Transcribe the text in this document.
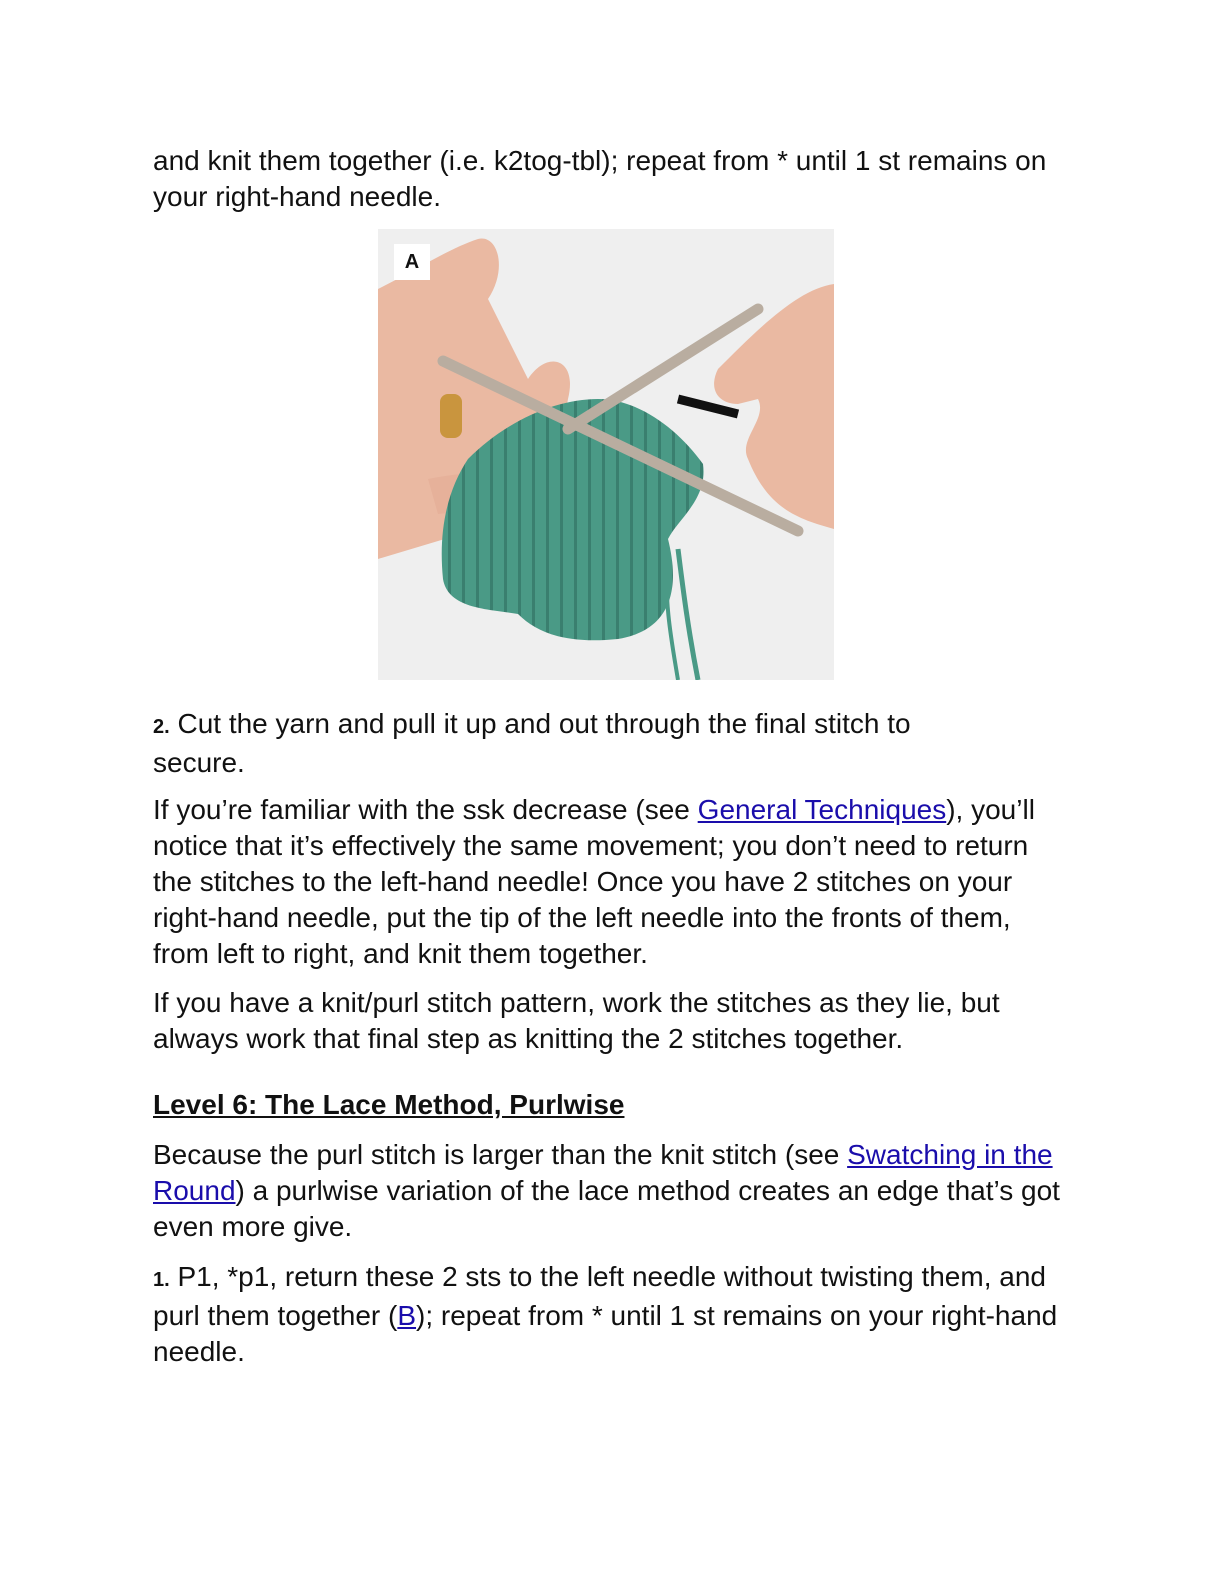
and knit them together (i.e. k2tog-tbl); repeat from * until 1 st remains on your right-hand needle.

2. Cut the yarn and pull it up and out through the final stitch to secure.

If you’re familiar with the ssk decrease (see General Techniques), you’ll notice that it’s effectively the same movement; you don’t need to return the stitches to the left-hand needle! Once you have 2 stitches on your right-hand needle, put the tip of the left needle into the fronts of them, from left to right, and knit them together.

If you have a knit/purl stitch pattern, work the stitches as they lie, but always work that final step as knitting the 2 stitches together.

Level 6: The Lace Method, Purlwise

Because the purl stitch is larger than the knit stitch (see Swatching in the Round) a purlwise variation of the lace method creates an edge that’s got even more give.

1. P1, *p1, return these 2 sts to the left needle without twisting them, and purl them together (B); repeat from * until 1 st remains on your right-hand needle.

A
